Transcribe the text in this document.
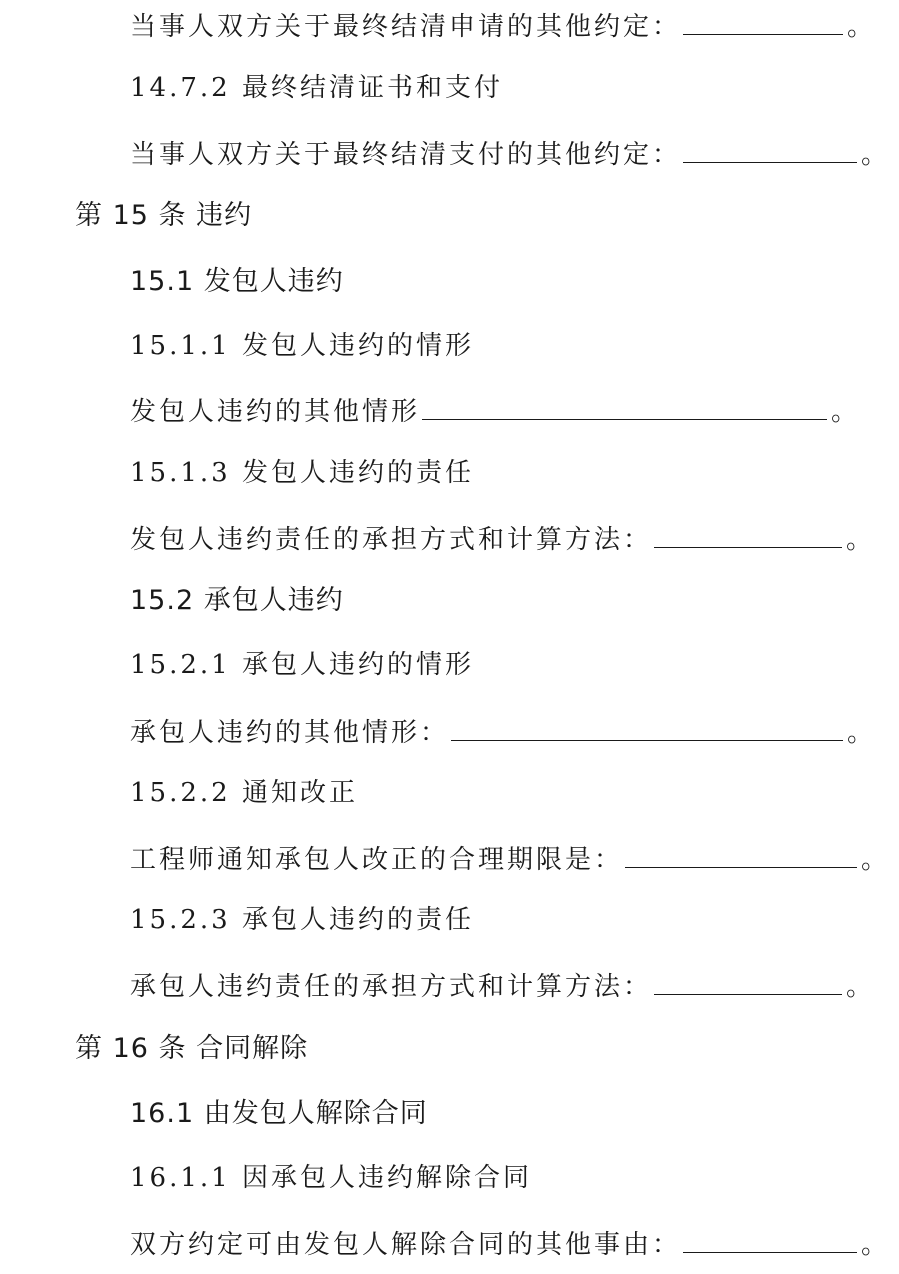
当事人双方关于最终结清申请的其他约定：	。
14.7.2 最终结清证书和支付
当事人双方关于最终结清支付的其他约定：	。
第 15 条 违约
15.1 发包人违约
15.1.1 发包人违约的情形
发包人违约的其他情形	。
15.1.3 发包人违约的责任
发包人违约责任的承担方式和计算方法：	。
15.2 承包人违约
15.2.1 承包人违约的情形
承包人违约的其他情形：	。
15.2.2 通知改正
工程师通知承包人改正的合理期限是：	。
15.2.3 承包人违约的责任
承包人违约责任的承担方式和计算方法：	。
第 16 条 合同解除
16.1 由发包人解除合同
16.1.1 因承包人违约解除合同
双方约定可由发包人解除合同的其他事由：	。
